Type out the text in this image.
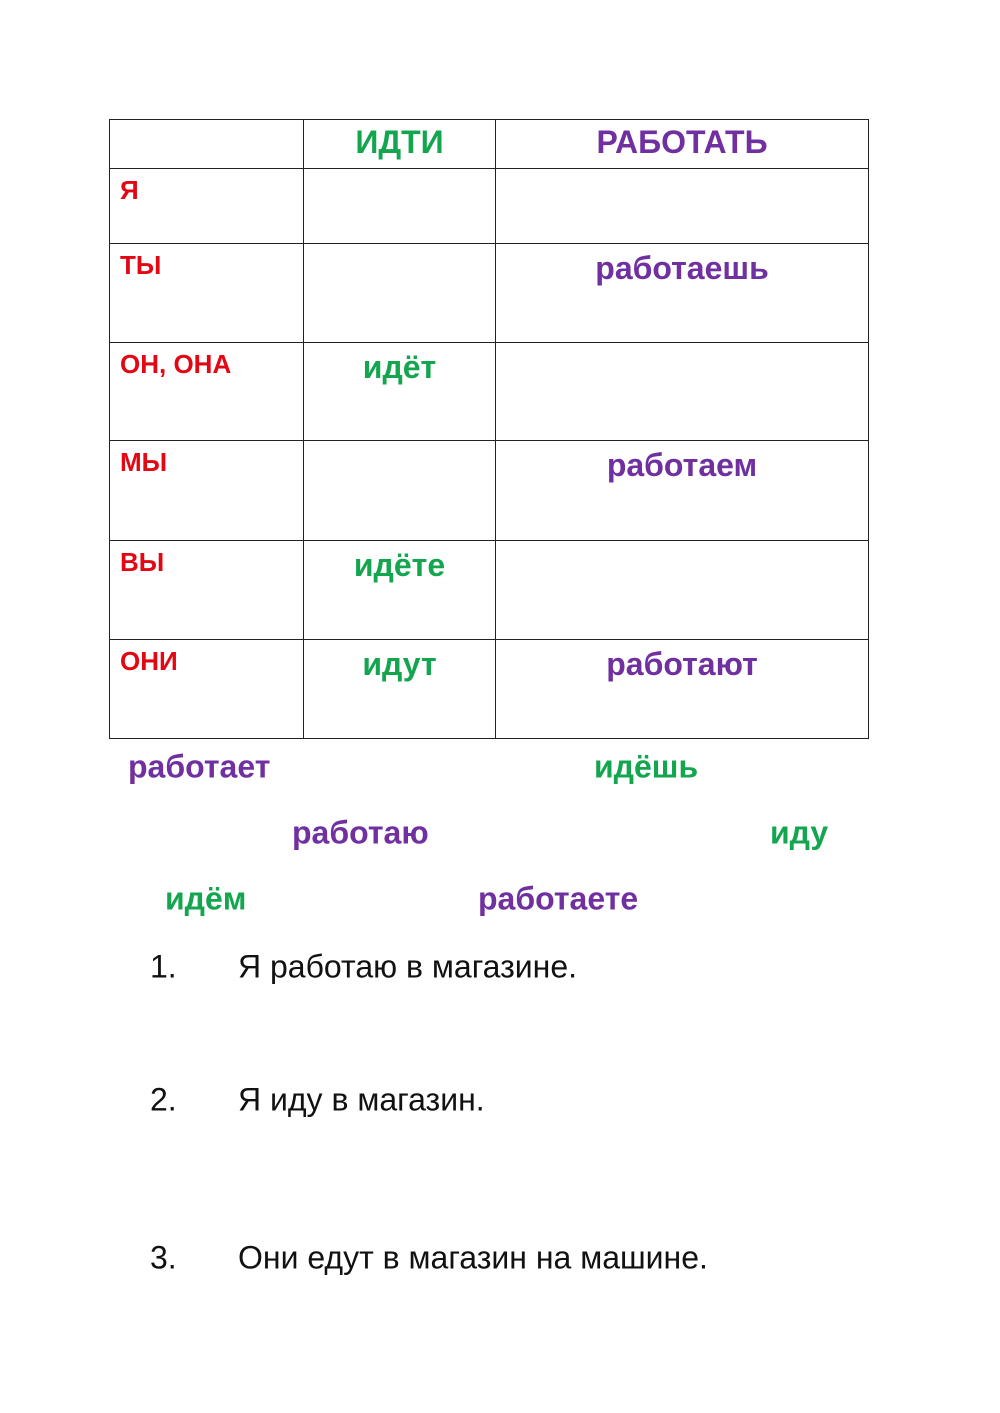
	ИДТИ	РАБОТАТЬ

Я		

ТЫ		работаешь

ОН, ОНА	идёт	

МЫ		работаем

ВЫ	идёте	

ОНИ	идут	работают
работает	идёшь
работаю	иду
идём	работаете
1. Я работаю в магазине.
2. Я иду в магазин.
3. Они едут в магазин на машине.
